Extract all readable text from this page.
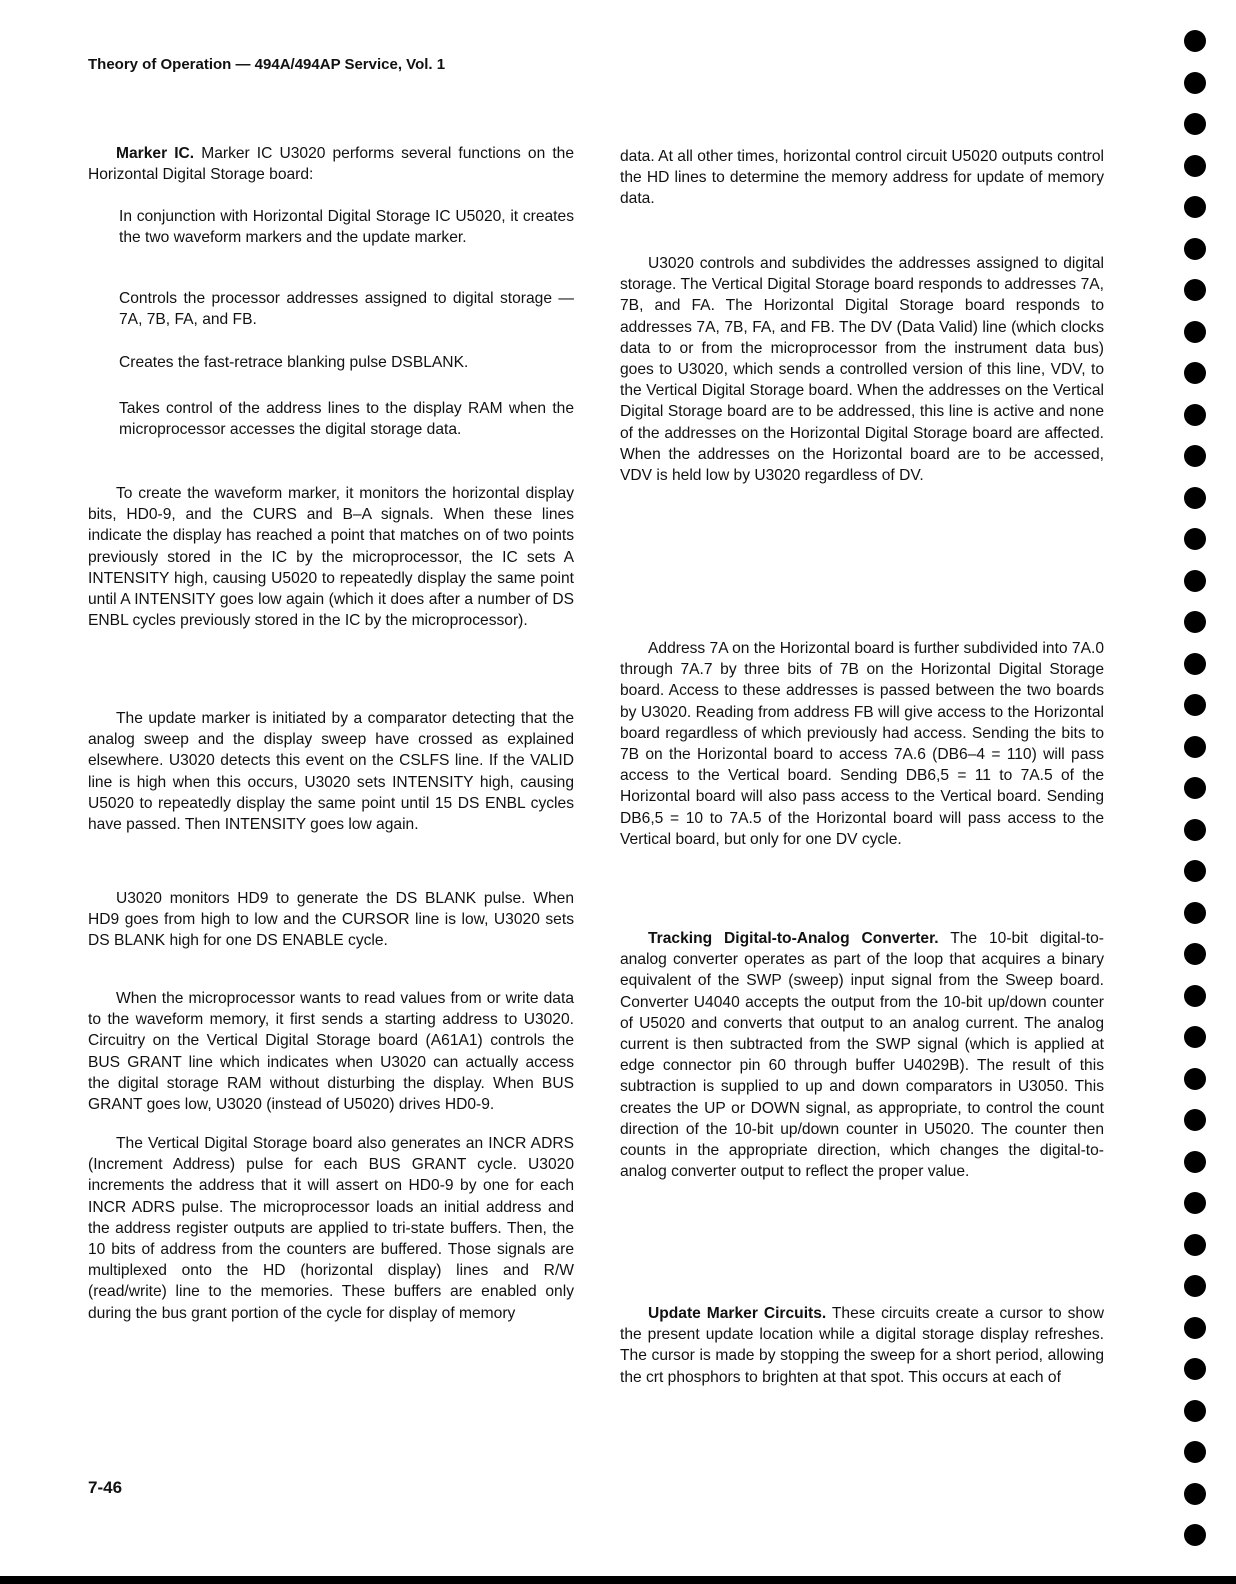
Theory of Operation — 494A/494AP Service, Vol. 1

Marker IC. Marker IC U3020 performs several functions on the Horizontal Digital Storage board:

In conjunction with Horizontal Digital Storage IC U5020, it creates the two waveform markers and the update marker.

Controls the processor addresses assigned to digital storage — 7A, 7B, FA, and FB.

Creates the fast-retrace blanking pulse DSBLANK.

Takes control of the address lines to the display RAM when the microprocessor accesses the digital storage data.

To create the waveform marker, it monitors the horizontal display bits, HD0-9, and the CURS and B–A signals. When these lines indicate the display has reached a point that matches on of two points previously stored in the IC by the microprocessor, the IC sets A INTENSITY high, causing U5020 to repeatedly display the same point until A INTENSITY goes low again (which it does after a number of DS ENBL cycles previously stored in the IC by the microprocessor).

The update marker is initiated by a comparator detecting that the analog sweep and the display sweep have crossed as explained elsewhere. U3020 detects this event on the CSLFS line. If the VALID line is high when this occurs, U3020 sets INTENSITY high, causing U5020 to repeatedly display the same point until 15 DS ENBL cycles have passed. Then INTENSITY goes low again.

U3020 monitors HD9 to generate the DS BLANK pulse. When HD9 goes from high to low and the CURSOR line is low, U3020 sets DS BLANK high for one DS ENABLE cycle.

When the microprocessor wants to read values from or write data to the waveform memory, it first sends a starting address to U3020. Circuitry on the Vertical Digital Storage board (A61A1) controls the BUS GRANT line which indicates when U3020 can actually access the digital storage RAM without disturbing the display. When BUS GRANT goes low, U3020 (instead of U5020) drives HD0-9.

The Vertical Digital Storage board also generates an INCR ADRS (Increment Address) pulse for each BUS GRANT cycle. U3020 increments the address that it will assert on HD0-9 by one for each INCR ADRS pulse. The microprocessor loads an initial address and the address register outputs are applied to tri-state buffers. Then, the 10 bits of address from the counters are buffered. Those signals are multiplexed onto the HD (horizontal display) lines and R/W (read/write) line to the memories. These buffers are enabled only during the bus grant portion of the cycle for display of memory

data. At all other times, horizontal control circuit U5020 outputs control the HD lines to determine the memory address for update of memory data.

U3020 controls and subdivides the addresses assigned to digital storage. The Vertical Digital Storage board responds to addresses 7A, 7B, and FA. The Horizontal Digital Storage board responds to addresses 7A, 7B, FA, and FB. The DV (Data Valid) line (which clocks data to or from the microprocessor from the instrument data bus) goes to U3020, which sends a controlled version of this line, VDV, to the Vertical Digital Storage board. When the addresses on the Vertical Digital Storage board are to be addressed, this line is active and none of the addresses on the Horizontal Digital Storage board are affected. When the addresses on the Horizontal board are to be accessed, VDV is held low by U3020 regardless of DV.

Address 7A on the Horizontal board is further subdivided into 7A.0 through 7A.7 by three bits of 7B on the Horizontal Digital Storage board. Access to these addresses is passed between the two boards by U3020. Reading from address FB will give access to the Horizontal board regardless of which previously had access. Sending the bits to 7B on the Horizontal board to access 7A.6 (DB6–4 = 110) will pass access to the Vertical board. Sending DB6,5 = 11 to 7A.5 of the Horizontal board will also pass access to the Vertical board. Sending DB6,5 = 10 to 7A.5 of the Horizontal board will pass access to the Vertical board, but only for one DV cycle.

Tracking Digital-to-Analog Converter. The 10-bit digital-to-analog converter operates as part of the loop that acquires a binary equivalent of the SWP (sweep) input signal from the Sweep board. Converter U4040 accepts the output from the 10-bit up/down counter of U5020 and converts that output to an analog current. The analog current is then subtracted from the SWP signal (which is applied at edge connector pin 60 through buffer U4029B). The result of this subtraction is supplied to up and down comparators in U3050. This creates the UP or DOWN signal, as appropriate, to control the count direction of the 10-bit up/down counter in U5020. The counter then counts in the appropriate direction, which changes the digital-to-analog converter output to reflect the proper value.

Update Marker Circuits. These circuits create a cursor to show the present update location while a digital storage display refreshes. The cursor is made by stopping the sweep for a short period, allowing the crt phosphors to brighten at that spot. This occurs at each of

7-46
